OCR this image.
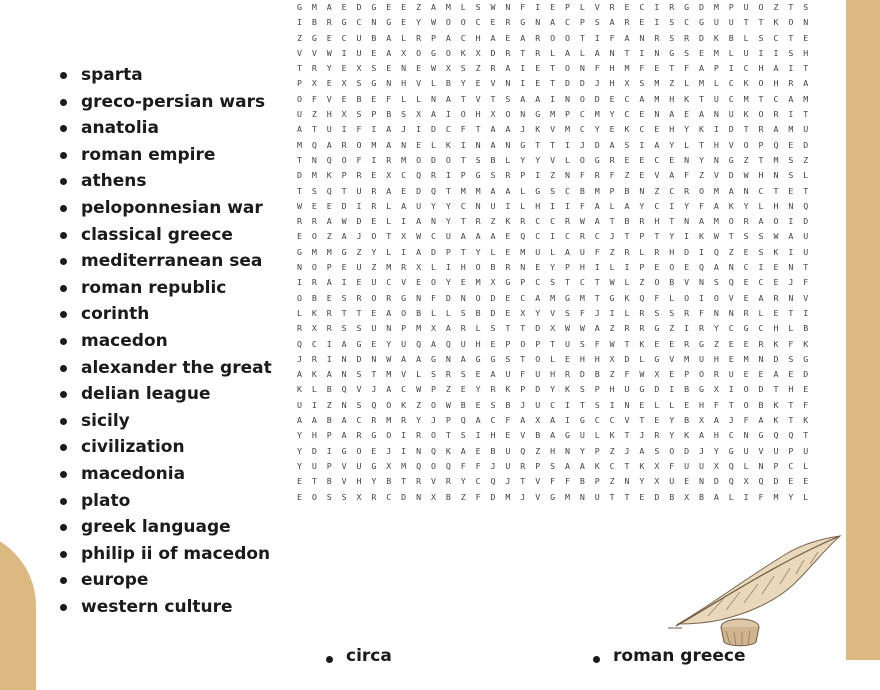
G M A E D G E E Z A M L S W N F I E P L V R E C I R G D M P U O Z T S
I B R G C N G E Y W O O C E R G N A C P S A R E I S C G U U T T K O N
Z G E C U B A L R P A C H A E A R O O T I F A N R S R D K B L S C T E
V V W I U E A X O G O K X D R T R L A L A N T I N G S E M L U I I S H
T R Y E X S E N E W X S Z R A I E T O N F H M F E T F A P I C H A I T
P X E X S G N H V L B Y E V N I E T D D J H X S M Z L M L C K O H R A
O F V E B E F L L N A T V T S A A I N O D E C A M H K T U C M T C A M
U Z H X S P B S X A I O H X O N G M P C M Y C E N A E A N U K O R I T
A T U I F I A J I D C F T A A J K V M C Y E K C E H Y K I D T R A M U
M Q A R O M A N E L K I N A N G T T I J D A S I A Y L T H V O P Q E D
T N Q O F I R M O D O T S B L Y Y V L O G R E E C E N Y N G Z T M S Z
D M K P R E X C Q R I P G S R P I Z N F R F Z E V A F Z V D W H N S L
T S Q T U R A E D Q T M M A A L G S C B M P B N Z C R O M A N C T E T
W E E D I R L A U Y Y C N U I L H I I F A L A Y C I Y F A K Y L H N Q
R R A W D E L I A N Y T R Z K R C C R W A T B R H T N A M O R A O I D
E O Z A J O T X W C U A A A E Q C I C R C J T P T Y I K W T S S W A U
G M M G Z Y L I A D P T Y L E M U L A U F Z R L R H D I Q Z E S K I U
N O P E U Z M R X L I H O B R N E Y P H I L I P E O E Q A N C I E N T
I R A I E U C V E O Y E M X G P C S T C T W L Z O B V N S Q E C E J F
O B E S R O R G N F D N O D E C A M G M T G K Q F L O I O V E A R N V
L K R T T E A O B L L S B D E X Y V S F J I L R S S R F N N R L E T I
R X R S S U N P M X A R L S T T D X W W A Z R R G Z I R Y C G C H L B
Q C I A G E Y U Q A Q U H E P O P T U S F W T K E E R G Z E E R K F K
J R I N D N W A A G N A G G S T O L E H H X D L G V M U H E M N D S G
A K A N S T M V L S R S E A U F U H R D B Z F W X E P O R U E E A E D
K L B Q V J A C W P Z E Y R K P D Y K S P H U G D I B G X I O D T H E
U I Z N S Q O K Z O W B E S B J U C I T S I N E L L E H F T O B K T F
A A B A C R M R Y J P Q A C F A X A I G C C V T E Y B X A J F A K T K
Y H P A R G O I R O T S I H E V B A G U L K T J R Y K A H C N G Q Q T
Y D I G O E J I N Q K A E B U Q Z H N Y P Z J A S O D J Y G U V U P U
Y U P V U G X M Q O Q F F J U R P S A A K C T K X F U U X Q L N P C L
E T B V H Y B T R V R Y C Q J T V F F B P Z N Y X U E N D Q X Q D E E
E O S S X R C D N X B Z F D M J V G M N U T T E D B X B A L I F M Y L
sparta
greco-persian wars
anatolia
roman empire
athens
peloponnesian war
classical greece
mediterranean sea
roman republic
corinth
macedon
alexander the great
delian league
sicily
civilization
macedonia
plato
greek language
philip ii of macedon
europe
western culture
circa	roman greece
